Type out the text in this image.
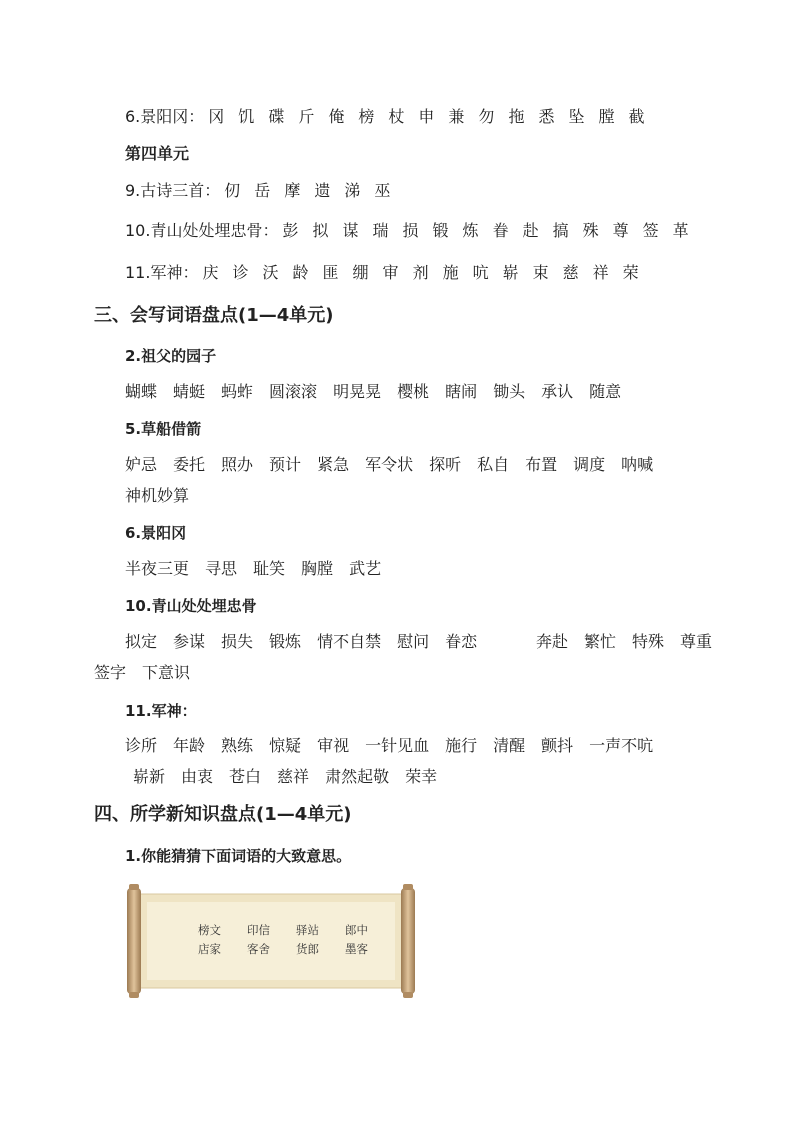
6.景阳冈： 冈 饥 碟 斤 俺 榜 杖 申 兼 勿 拖 悉 坠 膛 截
第四单元
9.古诗三首： 仞 岳 摩 遗 涕 巫
10.青山处处埋忠骨： 彭 拟 谋 瑞 损 锻 炼 眷 赴 搞 殊 尊 签 革
11.军神： 庆 诊 沃 龄 匪 绷 审 剂 施 吭 崭 束 慈 祥 荣
三、会写词语盘点(1—4单元)
2.祖父的园子
蝴蝶 蜻蜓 蚂蚱 圆滚滚 明晃晃 樱桃 瞎闹 锄头 承认 随意
5.草船借箭
妒忌 委托 照办 预计 紧急 军令状 探听 私自 布置 调度 呐喊
神机妙算
6.景阳冈
半夜三更 寻思 耻笑 胸膛 武艺
10.青山处处埋忠骨
拟定 参谋 损失 锻炼 情不自禁 慰问 眷恋	奔赴 繁忙 特殊 尊重
签字 下意识
11.军神：
诊所 年龄 熟练 惊疑 审视 一针见血 施行 清醒 颤抖 一声不吭
崭新 由衷 苍白 慈祥 肃然起敬 荣幸
四、所学新知识盘点(1—4单元)
1.你能猜猜下面词语的大致意思。
榜文 印信 驿站 郎中
店家 客舍 货郎 墨客
